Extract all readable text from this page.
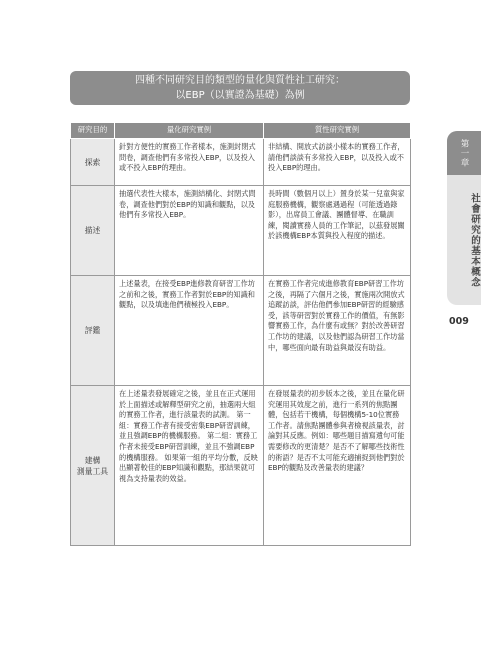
四種不同研究目的類型的量化與質性社工研究：
以EBP（以實證為基礎）為例
研究目的	量化研究實例	質性研究實例

探索	針對方便性的實務工作者樣本，施測封閉式問卷，調查他們有多常投入EBP，以及投入或不投入EBP的理由。	非結構、開放式訪談小樣本的實務工作者，請他們談談有多常投入EBP，以及投入或不投入EBP的理由。

描述	抽選代表性大樣本，施測結構化、封閉式問卷，調查他們對於EBP的知識和觀點，以及他們有多常投入EBP。	長時間（數個月以上）置身於某一兒童與家庭服務機構，觀察處遇過程（可能透過錄影），出席員工會議、團體督導、在職訓練，閱讀實務人員的工作筆記，以茲發展關於該機構EBP本質與投入程度的描述。

評鑑	上述量表，在接受EBP進修教育研習工作坊之前和之後，實務工作者對於EBP的知識和觀點，以及填進他們積極投入EBP。	在實務工作者完成進修教育EBP研習工作坊之後，再隔了六個月之後，實施兩次開放式追蹤訪談，評估他們參加EBP研習的經驗感受，該等研習對於實務工作的價值，有無影響實務工作，為什麼有或無？對於改善研習工作坊的建議，以及他們認為研習工作坊當中，哪些面向最有助益與最沒有助益。

建構
測量工具	在上述量表發展確定之後，並且在正式運用於上面描述或解釋型研究之前，抽選兩大組的實務工作者，進行該量表的試測。 第一組：實務工作者有接受密集EBP研習訓練，並且強調EBP的機構服務。 第二組：實務工作者未接受EBP研習訓練，並且不強調EBP的機構服務。 如果第一組的平均分數，反映出顯著較佳的EBP知識和觀點，那結果就可視為支持量表的效益。	在發展量表的初步版本之後，並且在量化研究運用其效度之前，進行一系列的焦點團體，包括若干機構，每個機構5-10位實務工作者。請焦點團體參與者檢視該量表，討論對其反應。例如：哪些題目描寫遺句可能需要修改的更清楚？是否不了解哪些技術性的術語？是否不太可能充適捕捉到他們對於EBP的觀點及改善量表的建議？
第一章
社會研究的基本概念
009
